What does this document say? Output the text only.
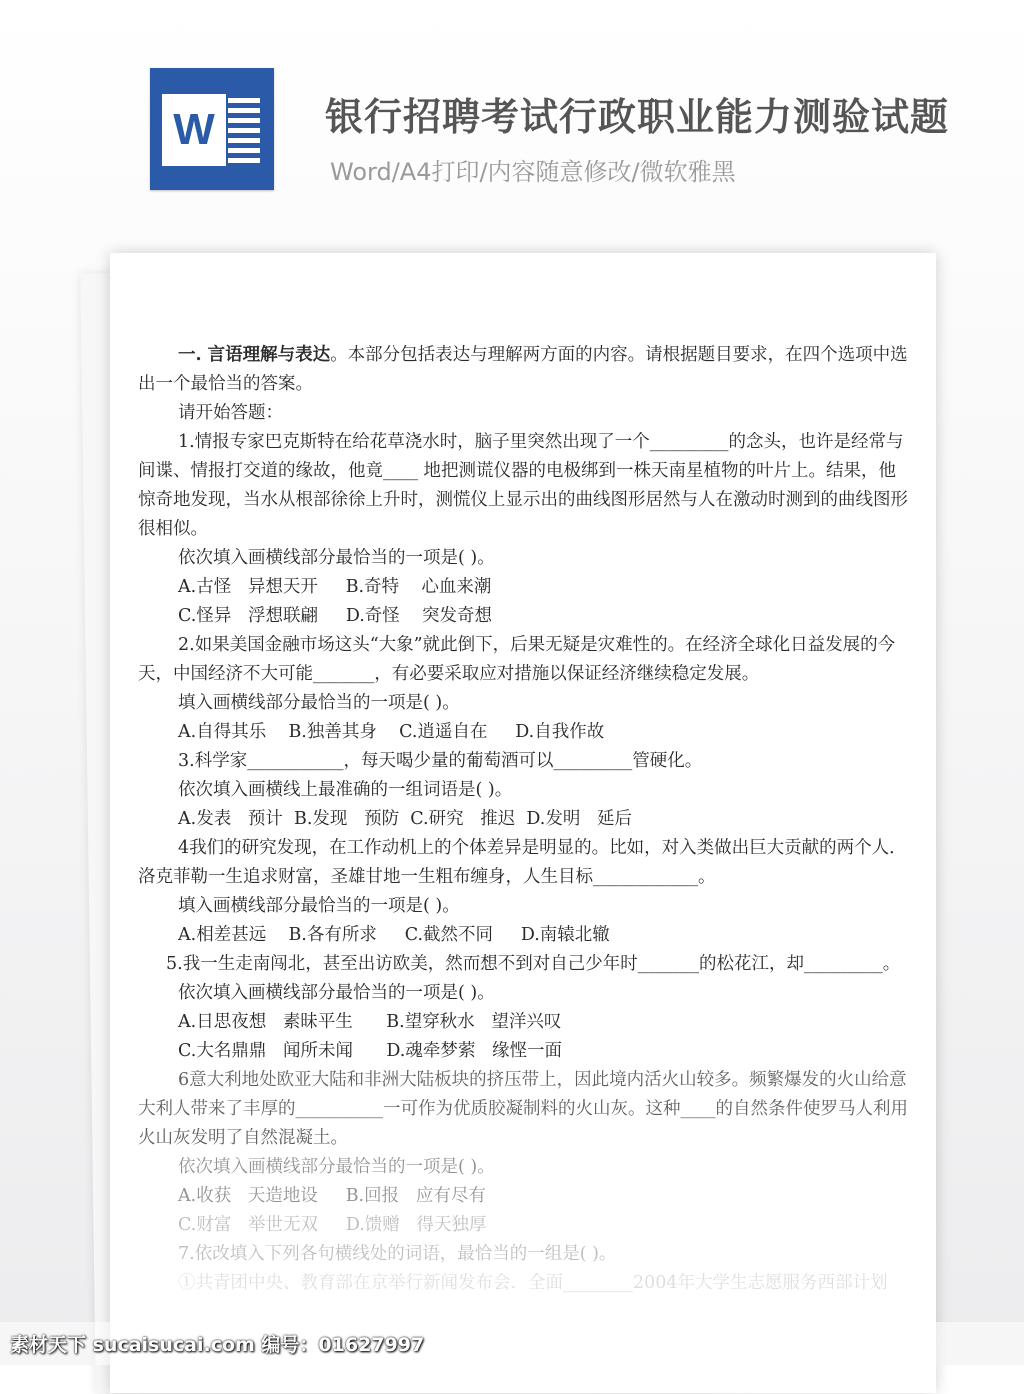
W	银行招聘考试行政职业能力测验试题
Word/A4打印/内容随意修改/微软雅黑

一. 言语理解与表达。本部分包括表达与理解两方面的内容。请根据题目要求，在四个选项中选出一个最恰当的答案。

请开始答题：

1.情报专家巴克斯特在给花草浇水时，脑子里突然出现了一个_________的念头，也许是经常与间谍、情报打交道的缘故，他竟____ 地把测谎仪器的电极绑到一株天南星植物的叶片上。结果，他惊奇地发现，当水从根部徐徐上升时，测慌仪上显示出的曲线图形居然与人在激动时测到的曲线图形很相似。

依次填入画横线部分最恰当的一项是( )。

A.古怪   异想天开     B.奇特    心血来潮

C.怪异   浮想联翩     D.奇怪    突发奇想

2.如果美国金融市场这头“大象”就此倒下，后果无疑是灾难性的。在经济全球化日益发展的今天，中国经济不大可能_______，有必要采取应对措施以保证经济继续稳定发展。

填入画横线部分最恰当的一项是( )。

A.自得其乐    B.独善其身    C.逍遥自在     D.自我作故

3.科学家___________，每天喝少量的葡萄酒可以_________管硬化。

依次填入画横线上最准确的一组词语是( )。

A.发表   预计  B.发现   预防  C.研究   推迟  D.发明   延后

4我们的研究发现，在工作动机上的个体差异是明显的。比如，对入类做出巨大贡献的两个人．洛克菲勒一生追求财富，圣雄甘地一生粗布缠身，人生目标____________。

填入画横线部分最恰当的一项是( )。

A.相差甚远    B.各有所求     C.截然不同     D.南辕北辙

5.我一生走南闯北，甚至出访欧美，然而想不到对自己少年时_______的松花江，却_________。

依次填入画横线部分最恰当的一项是( )。

A.日思夜想   素昧平生      B.望穿秋水   望洋兴叹

C.大名鼎鼎   闻所未闻      D.魂牵梦萦   缘悭一面

6意大利地处欧亚大陆和非洲大陆板块的挤压带上，因此境内活火山较多。频繁爆发的火山给意大利人带来了丰厚的__________一可作为优质胶凝制料的火山灰。这种____的自然条件使罗马人利用火山灰发明了自然混凝土。

依次填入画横线部分最恰当的一项是( )。

A.收获   天造地设     B.回报   应有尽有

C.财富   举世无双     D.馈赠   得天独厚

7.依改填入下列各句横线处的词语，最恰当的一组是( )。

①共青团中央、教育部在京举行新闻发布会．全面________2004年大学生志愿服务西部计划

素材天下 sucaisucai.com 编号：01627997
